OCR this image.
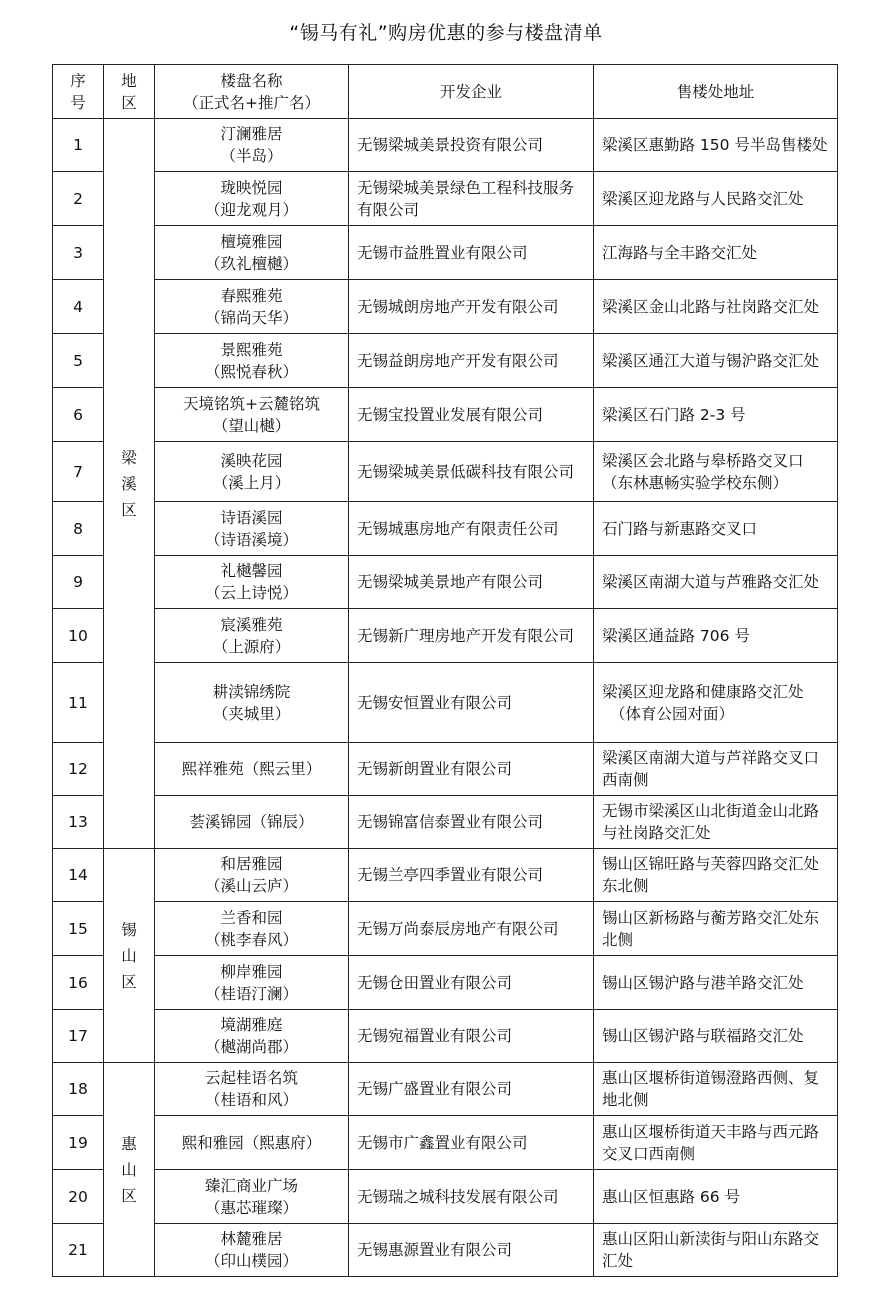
“锡马有礼”购房优惠的参与楼盘清单
序
号	地
区	楼盘名称
（正式名+推广名）	开发企业	售楼处地址
1	梁
溪
区	汀澜雅居
（半岛）	无锡梁城美景投资有限公司	梁溪区惠勤路 150 号半岛售楼处
2		珑映悦园
（迎龙观月）	无锡梁城美景绿色工程科技服务有限公司	梁溪区迎龙路与人民路交汇处
3		檀境雅园
（玖礼檀樾）	无锡市益胜置业有限公司	江海路与全丰路交汇处
4		春熙雅苑
（锦尚天华）	无锡城朗房地产开发有限公司	梁溪区金山北路与社岗路交汇处
5		景熙雅苑
（熙悦春秋）	无锡益朗房地产开发有限公司	梁溪区通江大道与锡沪路交汇处
6		天境铭筑+云麓铭筑
（望山樾）	无锡宝投置业发展有限公司	梁溪区石门路 2-3 号
7		溪映花园
（溪上月）	无锡梁城美景低碳科技有限公司	梁溪区会北路与皋桥路交叉口（东林惠畅实验学校东侧）
8		诗语溪园
（诗语溪境）	无锡城惠房地产有限责任公司	石门路与新惠路交叉口
9		礼樾馨园
（云上诗悦）	无锡梁城美景地产有限公司	梁溪区南湖大道与芦雅路交汇处
10		宸溪雅苑
（上源府）	无锡新广理房地产开发有限公司	梁溪区通益路 706 号
11		耕渎锦绣院
（夹城里）	无锡安恒置业有限公司	梁溪区迎龙路和健康路交汇处
（体育公园对面）

12		熙祥雅苑（熙云里）	无锡新朗置业有限公司	梁溪区南湖大道与芦祥路交叉口西南侧
13		荟溪锦园（锦辰）	无锡锦富信泰置业有限公司	无锡市梁溪区山北街道金山北路与社岗路交汇处
14	锡
山
区	和居雅园
（溪山云庐）	无锡兰亭四季置业有限公司	锡山区锦旺路与芙蓉四路交汇处东北侧
15		兰香和园
（桃李春风）	无锡万尚泰辰房地产有限公司	锡山区新杨路与蘅芳路交汇处东北侧
16		柳岸雅园
（桂语汀澜）	无锡仓田置业有限公司	锡山区锡沪路与港羊路交汇处
17		境湖雅庭
（樾湖尚郡）	无锡宛福置业有限公司	锡山区锡沪路与联福路交汇处
18	惠
山
区	云起桂语名筑
（桂语和风）	无锡广盛置业有限公司	惠山区堰桥街道锡澄路西侧、复地北侧
19		熙和雅园（熙惠府）	无锡市广鑫置业有限公司	惠山区堰桥街道天丰路与西元路交叉口西南侧
20		臻汇商业广场
（惠芯璀璨）	无锡瑞之城科技发展有限公司	惠山区恒惠路 66 号
21		林麓雅居
（印山樸园）	无锡惠源置业有限公司	惠山区阳山新渎街与阳山东路交汇处
